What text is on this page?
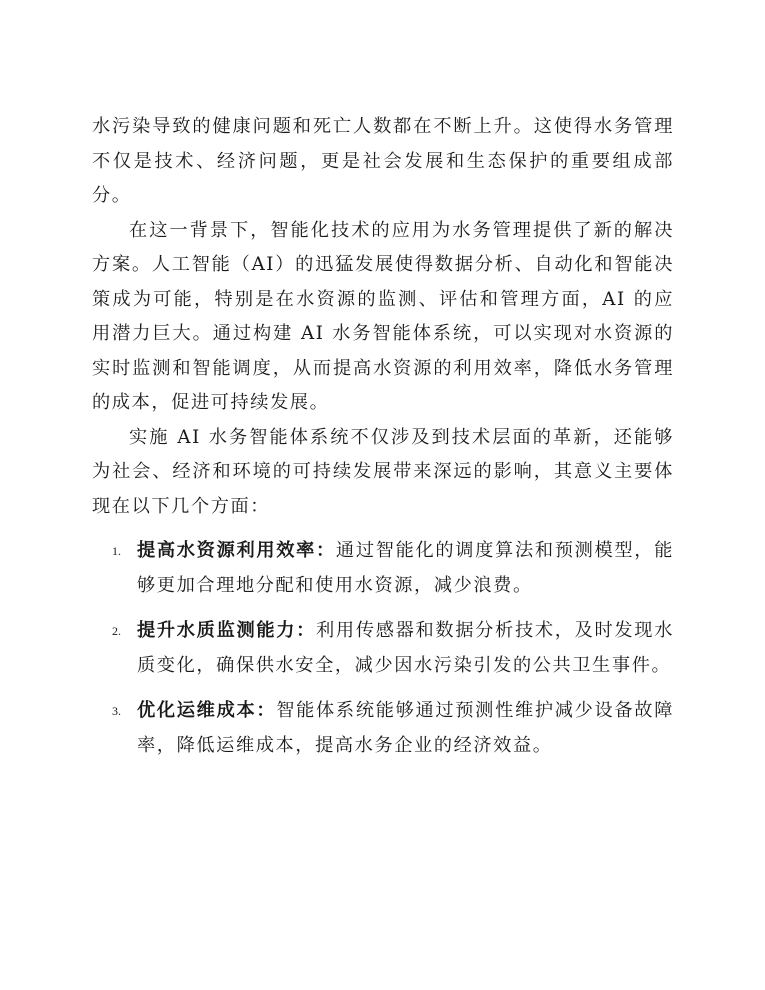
水污染导致的健康问题和死亡人数都在不断上升。这使得水务管理不仅是技术、经济问题，更是社会发展和生态保护的重要组成部分。

在这一背景下，智能化技术的应用为水务管理提供了新的解决方案。人工智能（AI）的迅猛发展使得数据分析、自动化和智能决策成为可能，特别是在水资源的监测、评估和管理方面，AI 的应用潜力巨大。通过构建 AI 水务智能体系统，可以实现对水资源的实时监测和智能调度，从而提高水资源的利用效率，降低水务管理的成本，促进可持续发展。

实施 AI 水务智能体系统不仅涉及到技术层面的革新，还能够为社会、经济和环境的可持续发展带来深远的影响，其意义主要体现在以下几个方面：

1. 提高水资源利用效率：通过智能化的调度算法和预测模型，能够更加合理地分配和使用水资源，减少浪费。
2. 提升水质监测能力：利用传感器和数据分析技术，及时发现水质变化，确保供水安全，减少因水污染引发的公共卫生事件。
3. 优化运维成本：智能体系统能够通过预测性维护减少设备故障率，降低运维成本，提高水务企业的经济效益。
